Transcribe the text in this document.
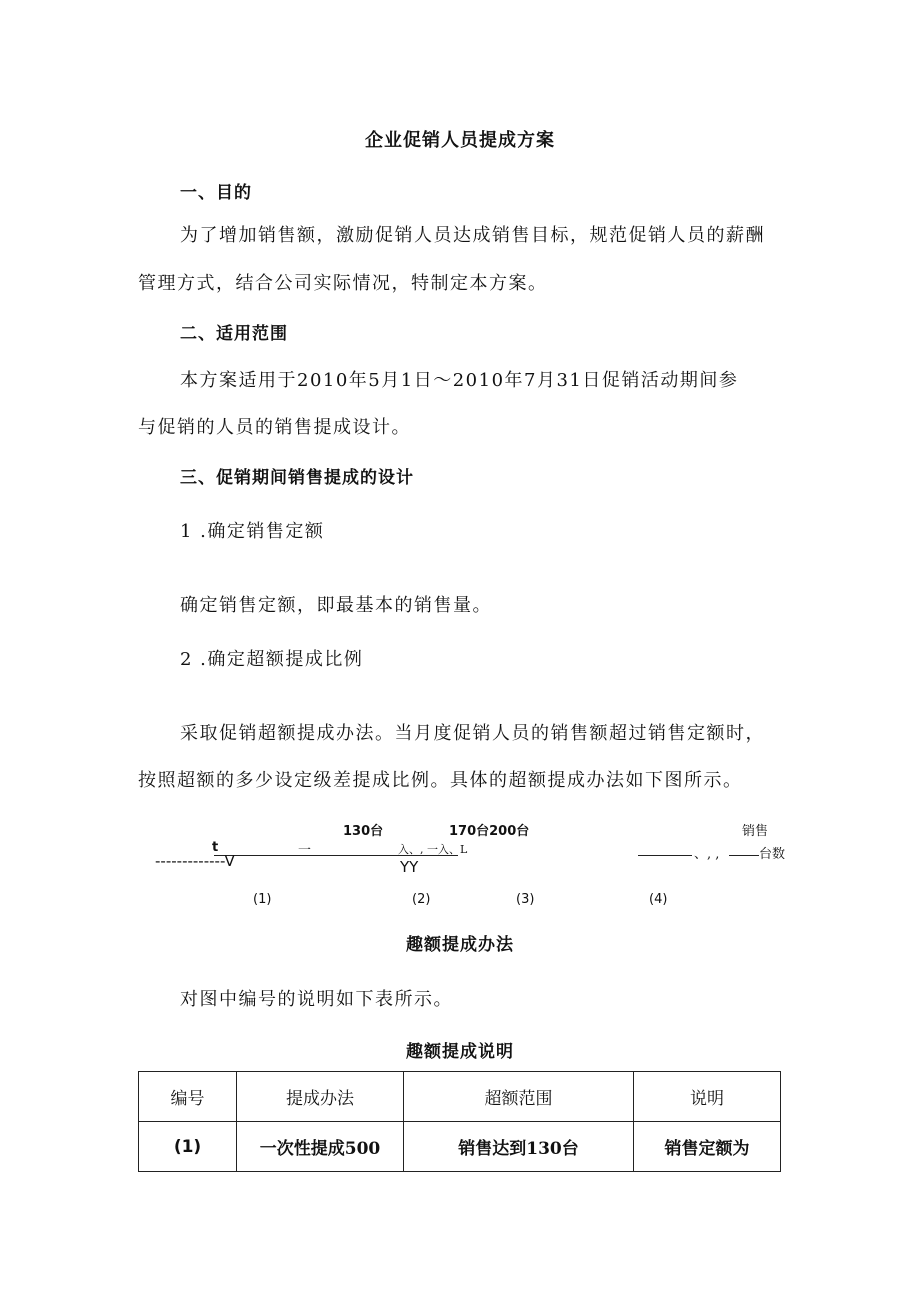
企业促销人员提成方案
一、目的
为了增加销售额，激励促销人员达成销售目标，规范促销人员的薪酬
管理方式，结合公司实际情况，特制定本方案。
二、适用范围
本方案适用于2010年5月1日～2010年7月31日促销活动期间参
与促销的人员的销售提成设计。
三、促销期间销售提成的设计
1 .确定销售定额
确定销售定额，即最基本的销售量。
2 .确定超额提成比例
采取促销超额提成办法。当月度促销人员的销售额超过销售定额时，
按照超额的多少设定级差提成比例。具体的超额提成办法如下图所示。
130台	170台200台	销售
t	一	入、, 一入、L
-------------V	YY
、, ,	台数
(1)	(2)	(3)	(4)
趣额提成办法
对图中编号的说明如下表所示。
趣额提成说明
编号	提成办法	超额范围	说明
(1)	一次性提成500	销售达到130台	销售定额为
